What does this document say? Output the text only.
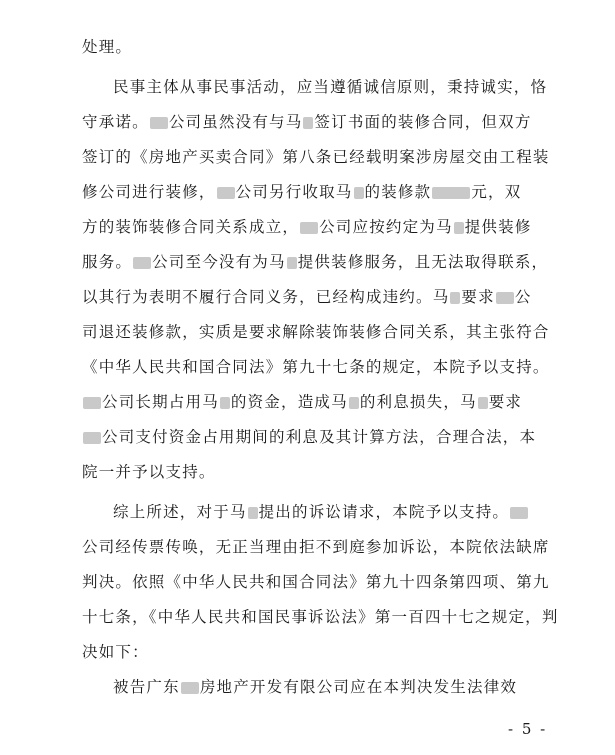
处理。
民事主体从事民事活动，应当遵循诚信原则，秉持诚实，恪
守承诺。 公司虽然没有与马 签订书面的装修合同，但双方
签订的《房地产买卖合同》第八条已经载明案涉房屋交由工程装
修公司进行装修， 公司另行收取马 的装修款	元，双
方的装饰装修合同关系成立， 公司应按约定为马 提供装修
服务。 公司至今没有为马 提供装修服务，且无法取得联系，
以其行为表明不履行合同义务，已经构成违约。马 要求 公
司退还装修款，实质是要求解除装饰装修合同关系，其主张符合
《中华人民共和国合同法》第九十七条的规定，本院予以支持。
公司长期占用马 的资金，造成马 的利息损失，马 要求
公司支付资金占用期间的利息及其计算方法，合理合法，本
院一并予以支持。
综上所述，对于马 提出的诉讼请求，本院予以支持。
公司经传票传唤，无正当理由拒不到庭参加诉讼，本院依法缺席
判决。依照《中华人民共和国合同法》第九十四条第四项、第九
十七条，《中华人民共和国民事诉讼法》第一百四十七之规定，判
决如下：
被告广东 房地产开发有限公司应在本判决发生法律效
- 5 -
